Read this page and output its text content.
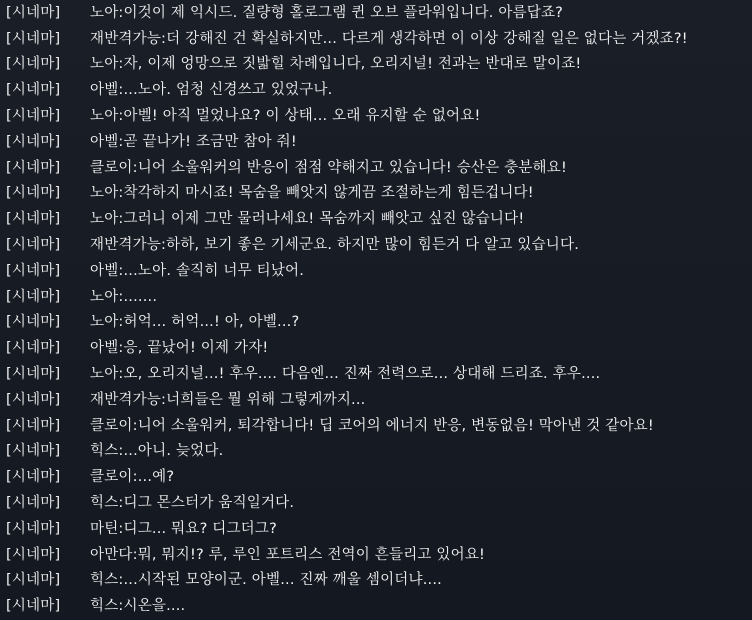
[시네마]	노아:이것이 제 익시드. 질량형 홀로그램 퀸 오브 플라워입니다. 아름답죠?
[시네마]	재반격가능:더 강해진 건 확실하지만... 다르게 생각하면 이 이상 강해질 일은 없다는 거겠죠?!
[시네마]	노아:자, 이제 엉망으로 짓밟힐 차례입니다, 오리지널! 전과는 반대로 말이죠!
[시네마]	아벨:...노아. 엄청 신경쓰고 있었구나.
[시네마]	노아:아벨! 아직 멀었나요? 이 상태... 오래 유지할 순 없어요!
[시네마]	아벨:곧 끝나가! 조금만 참아 줘!
[시네마]	클로이:니어 소울워커의 반응이 점점 약해지고 있습니다! 승산은 충분해요!
[시네마]	노아:착각하지 마시죠! 목숨을 빼앗지 않게끔 조절하는게 힘든겁니다!
[시네마]	노아:그러니 이제 그만 물러나세요! 목숨까지 빼앗고 싶진 않습니다!
[시네마]	재반격가능:하하, 보기 좋은 기세군요. 하지만 많이 힘든거 다 알고 있습니다.
[시네마]	아벨:...노아. 솔직히 너무 티났어.
[시네마]	노아:.......
[시네마]	노아:허억... 허억...! 아, 아벨...?
[시네마]	아벨:응, 끝났어! 이제 가자!
[시네마]	노아:오, 오리지널...! 후우.... 다음엔... 진짜 전력으로... 상대해 드리죠. 후우....
[시네마]	재반격가능:너희들은 뭘 위해 그렇게까지...
[시네마]	클로이:니어 소울워커, 퇴각합니다! 딥 코어의 에너지 반응, 변동없음! 막아낸 것 같아요!
[시네마]	힉스:...아니. 늦었다.
[시네마]	클로이:...예?
[시네마]	힉스:디그 몬스터가 움직일거다.
[시네마]	마틴:디그... 뭐요? 디그더그?
[시네마]	아만다:뭐, 뭐지!? 루, 루인 포트리스 전역이 흔들리고 있어요!
[시네마]	힉스:...시작된 모양이군. 아벨... 진짜 깨울 셈이더냐....
[시네마]	힉스:시온을....
